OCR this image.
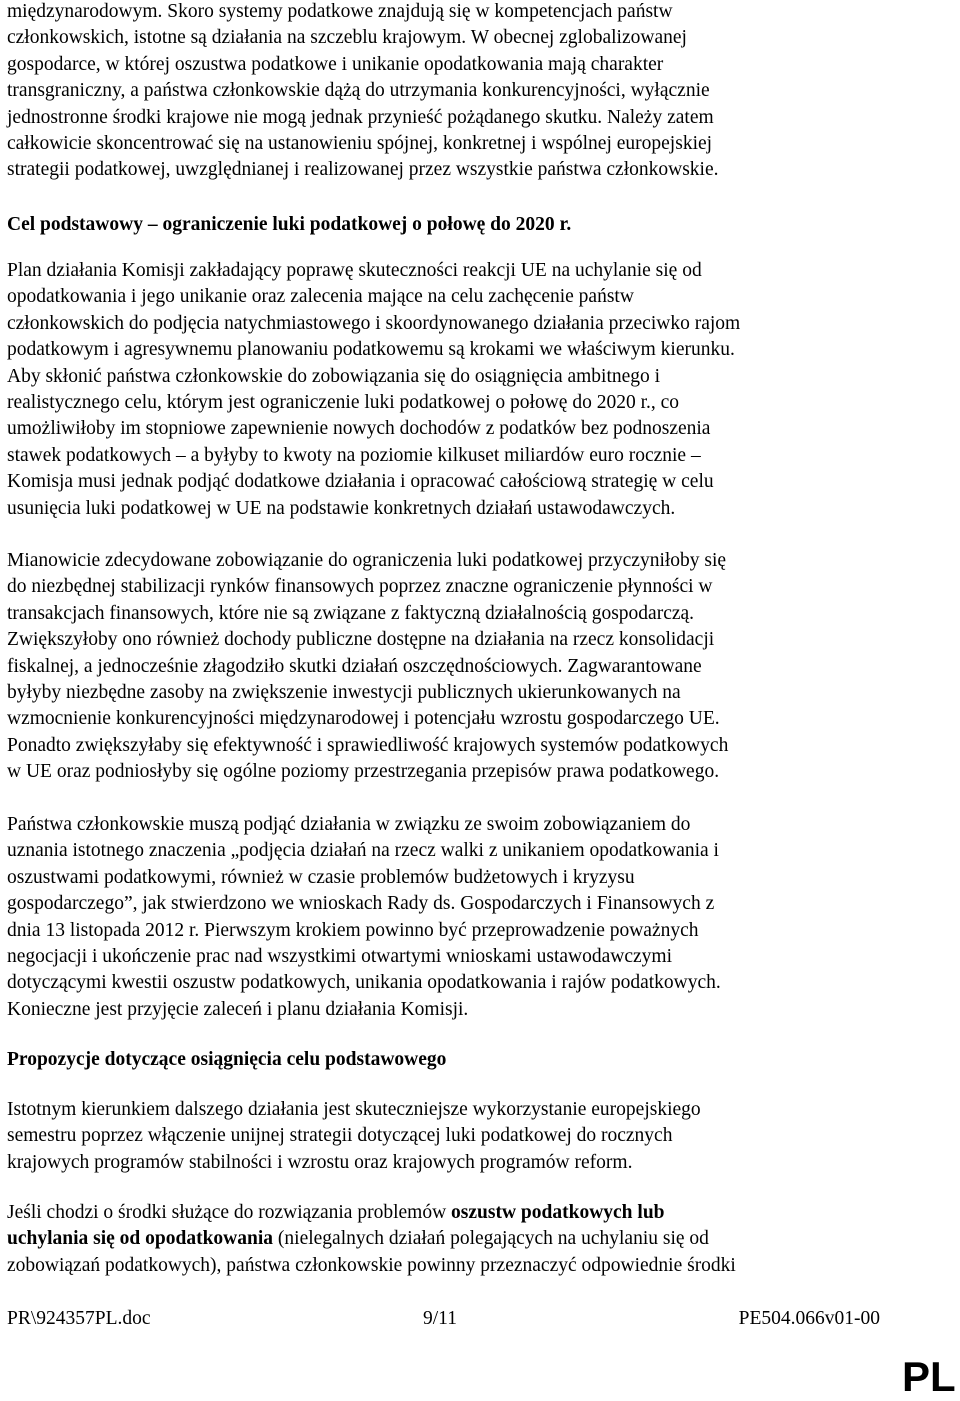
międzynarodowym. Skoro systemy podatkowe znajdują się w kompetencjach państw
członkowskich, istotne są działania na szczeblu krajowym. W obecnej zglobalizowanej
gospodarce, w której oszustwa podatkowe i unikanie opodatkowania mają charakter
transgraniczny, a państwa członkowskie dążą do utrzymania konkurencyjności, wyłącznie
jednostronne środki krajowe nie mogą jednak przynieść pożądanego skutku. Należy zatem
całkowicie skoncentrować się na ustanowieniu spójnej, konkretnej i wspólnej europejskiej
strategii podatkowej, uwzględnianej i realizowanej przez wszystkie państwa członkowskie.

Cel podstawowy – ograniczenie luki podatkowej o połowę do 2020 r.

Plan działania Komisji zakładający poprawę skuteczności reakcji UE na uchylanie się od
opodatkowania i jego unikanie oraz zalecenia mające na celu zachęcenie państw
członkowskich do podjęcia natychmiastowego i skoordynowanego działania przeciwko rajom
podatkowym i agresywnemu planowaniu podatkowemu są krokami we właściwym kierunku.
Aby skłonić państwa członkowskie do zobowiązania się do osiągnięcia ambitnego i
realistycznego celu, którym jest ograniczenie luki podatkowej o połowę do 2020 r., co
umożliwiłoby im stopniowe zapewnienie nowych dochodów z podatków bez podnoszenia
stawek podatkowych – a byłyby to kwoty na poziomie kilkuset miliardów euro rocznie –
Komisja musi jednak podjąć dodatkowe działania i opracować całościową strategię w celu
usunięcia luki podatkowej w UE na podstawie konkretnych działań ustawodawczych.

Mianowicie zdecydowane zobowiązanie do ograniczenia luki podatkowej przyczyniłoby się
do niezbędnej stabilizacji rynków finansowych poprzez znaczne ograniczenie płynności w
transakcjach finansowych, które nie są związane z faktyczną działalnością gospodarczą.
Zwiększyłoby ono również dochody publiczne dostępne na działania na rzecz konsolidacji
fiskalnej, a jednocześnie złagodziło skutki działań oszczędnościowych. Zagwarantowane
byłyby niezbędne zasoby na zwiększenie inwestycji publicznych ukierunkowanych na
wzmocnienie konkurencyjności międzynarodowej i potencjału wzrostu gospodarczego UE.
Ponadto zwiększyłaby się efektywność i sprawiedliwość krajowych systemów podatkowych
w UE oraz podniosłyby się ogólne poziomy przestrzegania przepisów prawa podatkowego.

Państwa członkowskie muszą podjąć działania w związku ze swoim zobowiązaniem do
uznania istotnego znaczenia „podjęcia działań na rzecz walki z unikaniem opodatkowania i
oszustwami podatkowymi, również w czasie problemów budżetowych i kryzysu
gospodarczego”, jak stwierdzono we wnioskach Rady ds. Gospodarczych i Finansowych z
dnia 13 listopada 2012 r. Pierwszym krokiem powinno być przeprowadzenie poważnych
negocjacji i ukończenie prac nad wszystkimi otwartymi wnioskami ustawodawczymi
dotyczącymi kwestii oszustw podatkowych, unikania opodatkowania i rajów podatkowych.
Konieczne jest przyjęcie zaleceń i planu działania Komisji.

Propozycje dotyczące osiągnięcia celu podstawowego

Istotnym kierunkiem dalszego działania jest skuteczniejsze wykorzystanie europejskiego
semestru poprzez włączenie unijnej strategii dotyczącej luki podatkowej do rocznych
krajowych programów stabilności i wzrostu oraz krajowych programów reform.

Jeśli chodzi o środki służące do rozwiązania problemów oszustw podatkowych lub
uchylania się od opodatkowania (nielegalnych działań polegających na uchylaniu się od
zobowiązań podatkowych), państwa członkowskie powinny przeznaczyć odpowiednie środki

PR\924357PL.doc	9/11	PE504.066v01-00
PL
